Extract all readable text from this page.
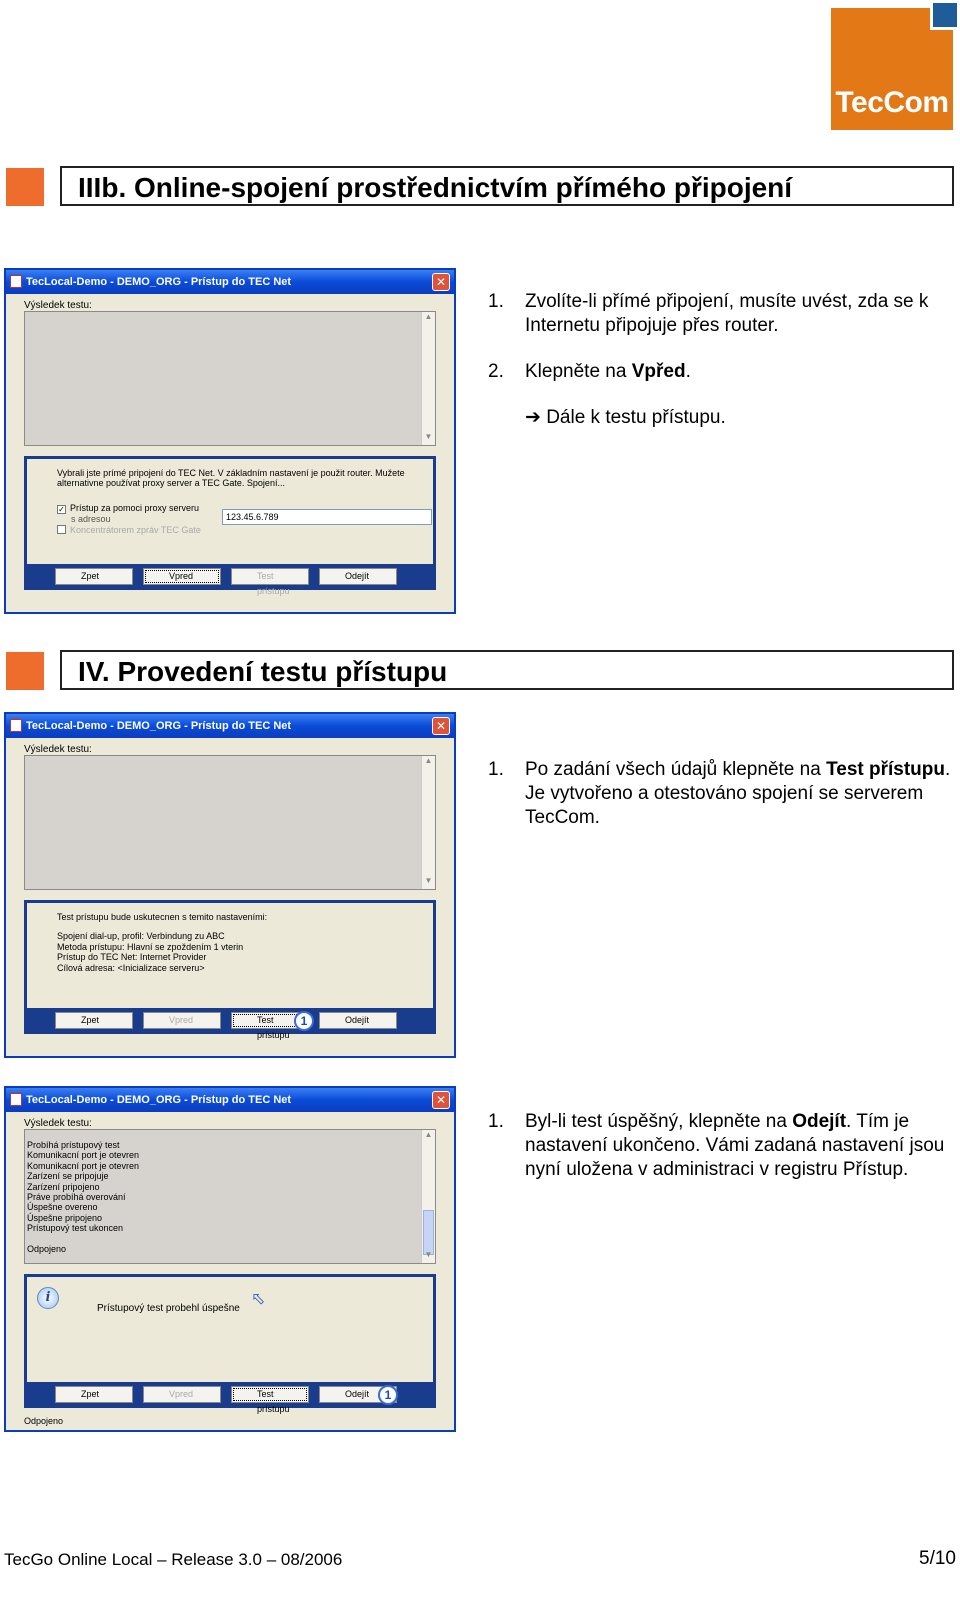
TecCom
IIIb. Online-spojení prostřednictvím přímého připojení
TecLocal-Demo - DEMO_ORG - Prístup do TEC Net	✕
Výsledek testu:
▲
▼
Vybrali jste prímé pripojení do TEC Net. V základním nastavení je použit router. Mužete
alternativne používat proxy server a TEC Gate. Spojení...
✓ Prístup za pomoci proxy serveru
s adresou
Koncentrátorem zpráv TEC Gate
123.45.6.789
Zpet	Vpred	Test prístupu
Odejít
1. Zvolíte-li přímé připojení, musíte uvést, zda se k Internetu připojuje přes router.
2. Klepněte na Vpřed.
➔ Dále k testu přístupu.
IV. Provedení testu přístupu
TecLocal-Demo - DEMO_ORG - Prístup do TEC Net	✕
Výsledek testu:
▲
▼
Test prístupu bude uskutecnen s temito nastaveními:
Spojení dial-up, profil: Verbindung zu ABC
Metoda prístupu: Hlavní se zpoždením 1 vterin
Prístup do TEC Net: Internet Provider
Cílová adresa: <Inicializace serveru>
Zpet	Vpred	Test prístupu
Odejít
1
1. Po zadání všech údajů klepněte na Test přístupu. Je vytvořeno a otestováno spojení se serverem TecCom.
TecLocal-Demo - DEMO_ORG - Prístup do TEC Net	✕
Výsledek testu:
Probíhá prístupový test
Komunikacní port je otevren
Komunikacní port je otevren
Zarízení se pripojuje
Zarízení pripojeno
Práve probíhá overování
Úspešne overeno
Úspešne pripojeno
Prístupový test ukoncen
Odpojeno
▲
▼
i
Prístupový test probehl úspešne
⬁
Zpet	Vpred	Test prístupu
Odejít	1
Odpojeno
1. Byl-li test úspěšný, klepněte na Odejít. Tím je nastavení ukončeno. Vámi zadaná nastavení jsou nyní uložena v administraci v registru Přístup.
TecGo Online Local – Release 3.0 – 08/2006	5/10
